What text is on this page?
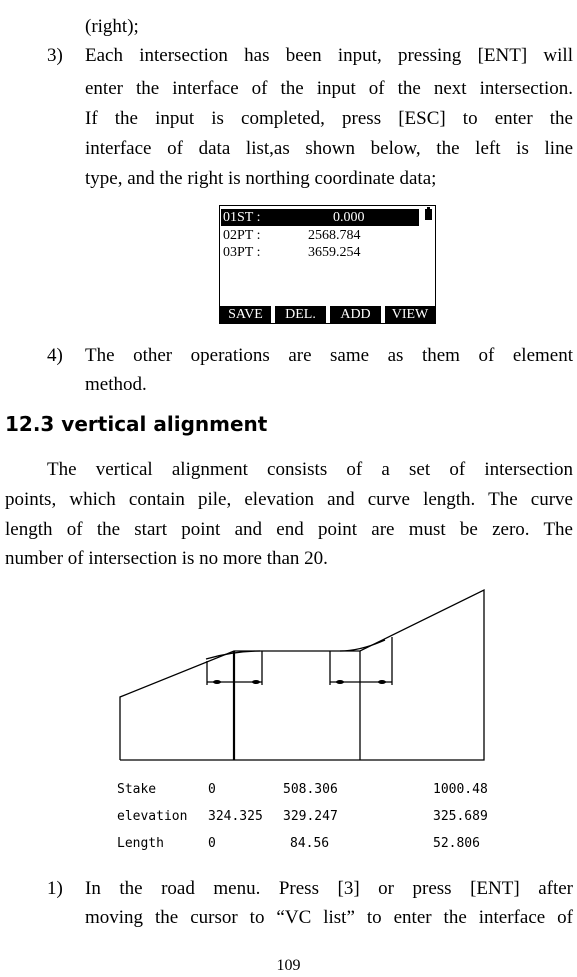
(right);
3) Each intersection has been input, pressing [ENT] will
enter the interface of the input of the next intersection.
If the input is completed, press [ESC] to enter the
interface of data list,as shown below, the left is line
type, and the right is northing coordinate data;
01ST :	0.000
02PT :	2568.784
03PT :	3659.254
SAVE	DEL.	ADD	VIEW
4) The other operations are same as them of element
method.
12.3 vertical alignment
The vertical alignment consists of a set of intersection
points, which contain pile, elevation and curve length. The curve
length of the start point and end point are must be zero. The
number of intersection is no more than 20.
Stake	0	508.306	1000.48
elevation 324.325 329.247	325.689
Length	0	84.56	52.806
1) In the road menu. Press [3] or press [ENT] after
moving the cursor to “VC list” to enter the interface of
109
